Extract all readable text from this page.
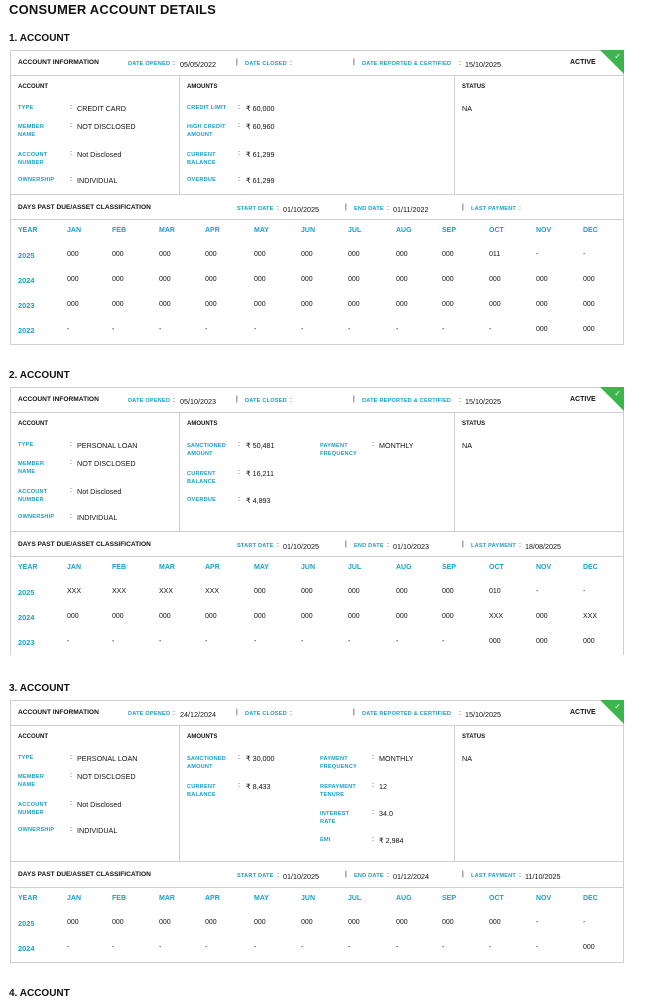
CONSUMER ACCOUNT DETAILS
1. ACCOUNT
ACCOUNT INFORMATION	DATE OPENED : 05/05/2022	| DATE CLOSED :	| DATE REPORTED & CERTIFIED : 15/10/2025	ACTIVE
✓
ACCOUNT	AMOUNTS	STATUS
TYPE	: CREDIT CARD
MEMBER NAME
: NOT DISCLOSED
ACCOUNT NUMBER
: Not Disclosed
OWNERSHIP : INDIVIDUAL
CREDIT LIMIT : ₹ 60,000
HIGH CREDIT AMOUNT
: ₹ 60,960
CURRENT BALANCE
: ₹ 61,299
OVERDUE	: ₹ 61,299
NA
DAYS PAST DUE/ASSET CLASSIFICATION	START DATE : 01/10/2025	| END DATE : 01/11/2022	| LAST PAYMENT :
YEAR	JAN	FEB	MAR	APR	MAY	JUN	JUL	AUG	SEP	OCT	NOV	DEC
2025	000	000	000	000	000	000	000	000	000	011	-	-
2024	000	000	000	000	000	000	000	000	000	000	000	000
2023	000	000	000	000	000	000	000	000	000	000	000	000
2022	-	-	-	-	-	-	-	-	-	-	000	000
2. ACCOUNT
ACCOUNT INFORMATION	DATE OPENED : 05/10/2023	| DATE CLOSED :	| DATE REPORTED & CERTIFIED : 15/10/2025	ACTIVE
✓
ACCOUNT	AMOUNTS	STATUS
TYPE	: PERSONAL LOAN
MEMBER NAME
: NOT DISCLOSED
ACCOUNT NUMBER
: Not Disclosed
OWNERSHIP : INDIVIDUAL
SANCTIONED AMOUNT
: ₹ 50,481	PAYMENT FREQUENCY
: MONTHLY
CURRENT BALANCE
: ₹ 16,211
OVERDUE	: ₹ 4,893
NA
DAYS PAST DUE/ASSET CLASSIFICATION	START DATE : 01/10/2025	| END DATE : 01/10/2023	| LAST PAYMENT : 18/08/2025
YEAR	JAN	FEB	MAR	APR	MAY	JUN	JUL	AUG	SEP	OCT	NOV	DEC
2025	XXX	XXX	XXX	XXX	000	000	000	000	000	010	-	-
2024	000	000	000	000	000	000	000	000	000	XXX	000	XXX
2023	-	-	-	-	-	-	-	-	-	000	000	000
3. ACCOUNT
ACCOUNT INFORMATION	DATE OPENED : 24/12/2024	| DATE CLOSED :	| DATE REPORTED & CERTIFIED : 15/10/2025	ACTIVE
✓
ACCOUNT	AMOUNTS	STATUS
TYPE	: PERSONAL LOAN
MEMBER NAME
: NOT DISCLOSED
ACCOUNT NUMBER
: Not Disclosed
OWNERSHIP : INDIVIDUAL
SANCTIONED AMOUNT
: ₹ 30,000	PAYMENT FREQUENCY
: MONTHLY
CURRENT BALANCE
: ₹ 8,433	REPAYMENT TENURE
: 12
INTEREST RATE
: 34.0
EMI	: ₹ 2,984
NA
DAYS PAST DUE/ASSET CLASSIFICATION	START DATE : 01/10/2025	| END DATE : 01/12/2024	| LAST PAYMENT : 11/10/2025
YEAR	JAN	FEB	MAR	APR	MAY	JUN	JUL	AUG	SEP	OCT	NOV	DEC
2025	000	000	000	000	000	000	000	000	000	000	-	-
2024	-	-	-	-	-	-	-	-	-	-	-	000
4. ACCOUNT
